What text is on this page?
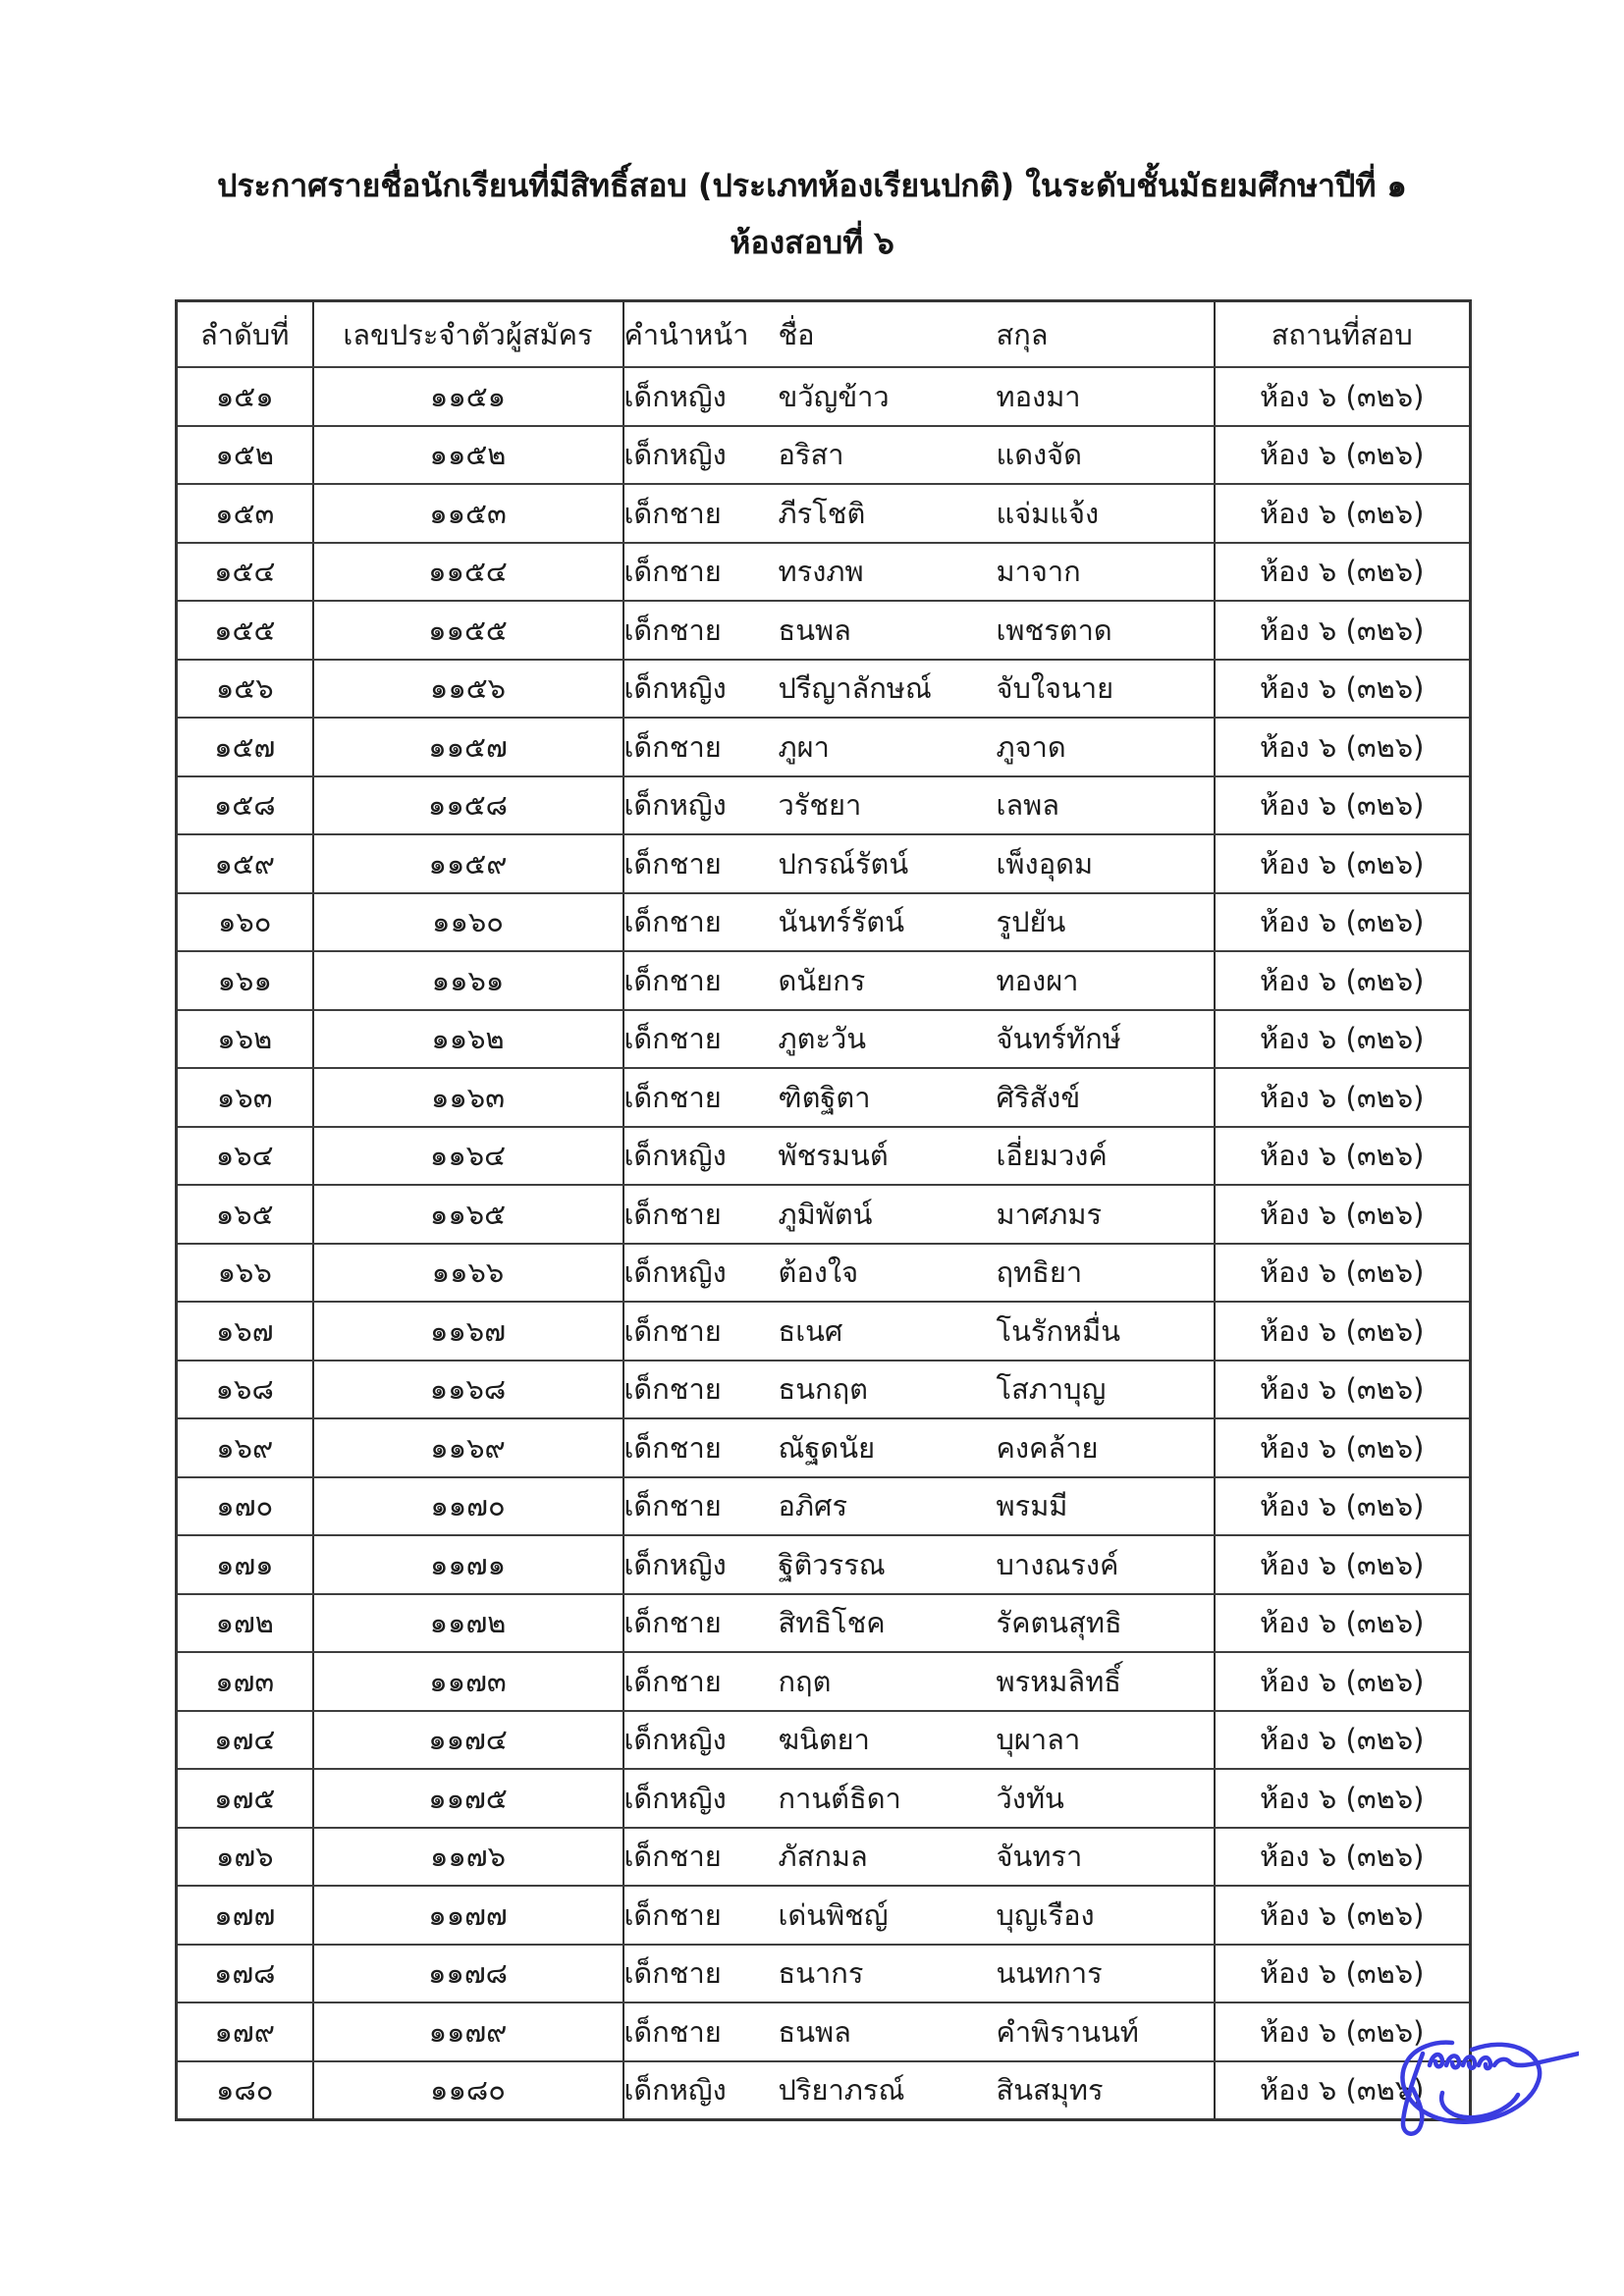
ประกาศรายชื่อนักเรียนที่มีสิทธิ์สอบ (ประเภทห้องเรียนปกติ) ในระดับชั้นมัธยมศึกษาปีที่ ๑
ห้องสอบที่ ๖
ลำดับที่	เลขประจำตัวผู้สมัคร	คำนำหน้า	ชื่อ	สกุล	สถานที่สอบ
๑๕๑	๑๑๕๑	เด็กหญิง	ขวัญข้าว	ทองมา	ห้อง ๖ (๓๒๖)
๑๕๒	๑๑๕๒	เด็กหญิง	อริสา	แดงจัด	ห้อง ๖ (๓๒๖)
๑๕๓	๑๑๕๓	เด็กชาย	ภีรโชติ	แจ่มแจ้ง	ห้อง ๖ (๓๒๖)
๑๕๔	๑๑๕๔	เด็กชาย	ทรงภพ	มาจาก	ห้อง ๖ (๓๒๖)
๑๕๕	๑๑๕๕	เด็กชาย	ธนพล	เพชรตาด	ห้อง ๖ (๓๒๖)
๑๕๖	๑๑๕๖	เด็กหญิง	ปรีญาลักษณ์	จับใจนาย	ห้อง ๖ (๓๒๖)
๑๕๗	๑๑๕๗	เด็กชาย	ภูผา	ภูจาด	ห้อง ๖ (๓๒๖)
๑๕๘	๑๑๕๘	เด็กหญิง	วรัชยา	เลพล	ห้อง ๖ (๓๒๖)
๑๕๙	๑๑๕๙	เด็กชาย	ปกรณ์รัตน์	เพ็งอุดม	ห้อง ๖ (๓๒๖)
๑๖๐	๑๑๖๐	เด็กชาย	นันทร์รัตน์	รูปยัน	ห้อง ๖ (๓๒๖)
๑๖๑	๑๑๖๑	เด็กชาย	ดนัยกร	ทองผา	ห้อง ๖ (๓๒๖)
๑๖๒	๑๑๖๒	เด็กชาย	ภูตะวัน	จันทร์ทักษ์	ห้อง ๖ (๓๒๖)
๑๖๓	๑๑๖๓	เด็กชาย	ฑิตฐิตา	ศิริสังข์	ห้อง ๖ (๓๒๖)
๑๖๔	๑๑๖๔	เด็กหญิง	พัชรมนต์	เอี่ยมวงค์	ห้อง ๖ (๓๒๖)
๑๖๕	๑๑๖๕	เด็กชาย	ภูมิพัตน์	มาศภมร	ห้อง ๖ (๓๒๖)
๑๖๖	๑๑๖๖	เด็กหญิง	ต้องใจ	ฤทธิยา	ห้อง ๖ (๓๒๖)
๑๖๗	๑๑๖๗	เด็กชาย	ธเนศ	โนรักหมื่น	ห้อง ๖ (๓๒๖)
๑๖๘	๑๑๖๘	เด็กชาย	ธนกฤต	โสภาบุญ	ห้อง ๖ (๓๒๖)
๑๖๙	๑๑๖๙	เด็กชาย	ณัฐดนัย	คงคล้าย	ห้อง ๖ (๓๒๖)
๑๗๐	๑๑๗๐	เด็กชาย	อภิศร	พรมมี	ห้อง ๖ (๓๒๖)
๑๗๑	๑๑๗๑	เด็กหญิง	ฐิติวรรณ	บางณรงค์	ห้อง ๖ (๓๒๖)
๑๗๒	๑๑๗๒	เด็กชาย	สิทธิโชค	รัคตนสุทธิ	ห้อง ๖ (๓๒๖)
๑๗๓	๑๑๗๓	เด็กชาย	กฤต	พรหมลิทธิ์	ห้อง ๖ (๓๒๖)
๑๗๔	๑๑๗๔	เด็กหญิง	ฆนิตยา	บุผาลา	ห้อง ๖ (๓๒๖)
๑๗๕	๑๑๗๕	เด็กหญิง	กานต์ธิดา	วังทัน	ห้อง ๖ (๓๒๖)
๑๗๖	๑๑๗๖	เด็กชาย	ภัสกมล	จันทรา	ห้อง ๖ (๓๒๖)
๑๗๗	๑๑๗๗	เด็กชาย	เด่นพิชญ์	บุญเรือง	ห้อง ๖ (๓๒๖)
๑๗๘	๑๑๗๘	เด็กชาย	ธนากร	นนทการ	ห้อง ๖ (๓๒๖)
๑๗๙	๑๑๗๙	เด็กชาย	ธนพล	คำพิรานนท์	ห้อง ๖ (๓๒๖)
๑๘๐	๑๑๘๐	เด็กหญิง	ปริยาภรณ์	สินสมุทร	ห้อง ๖ (๓๒๖)
